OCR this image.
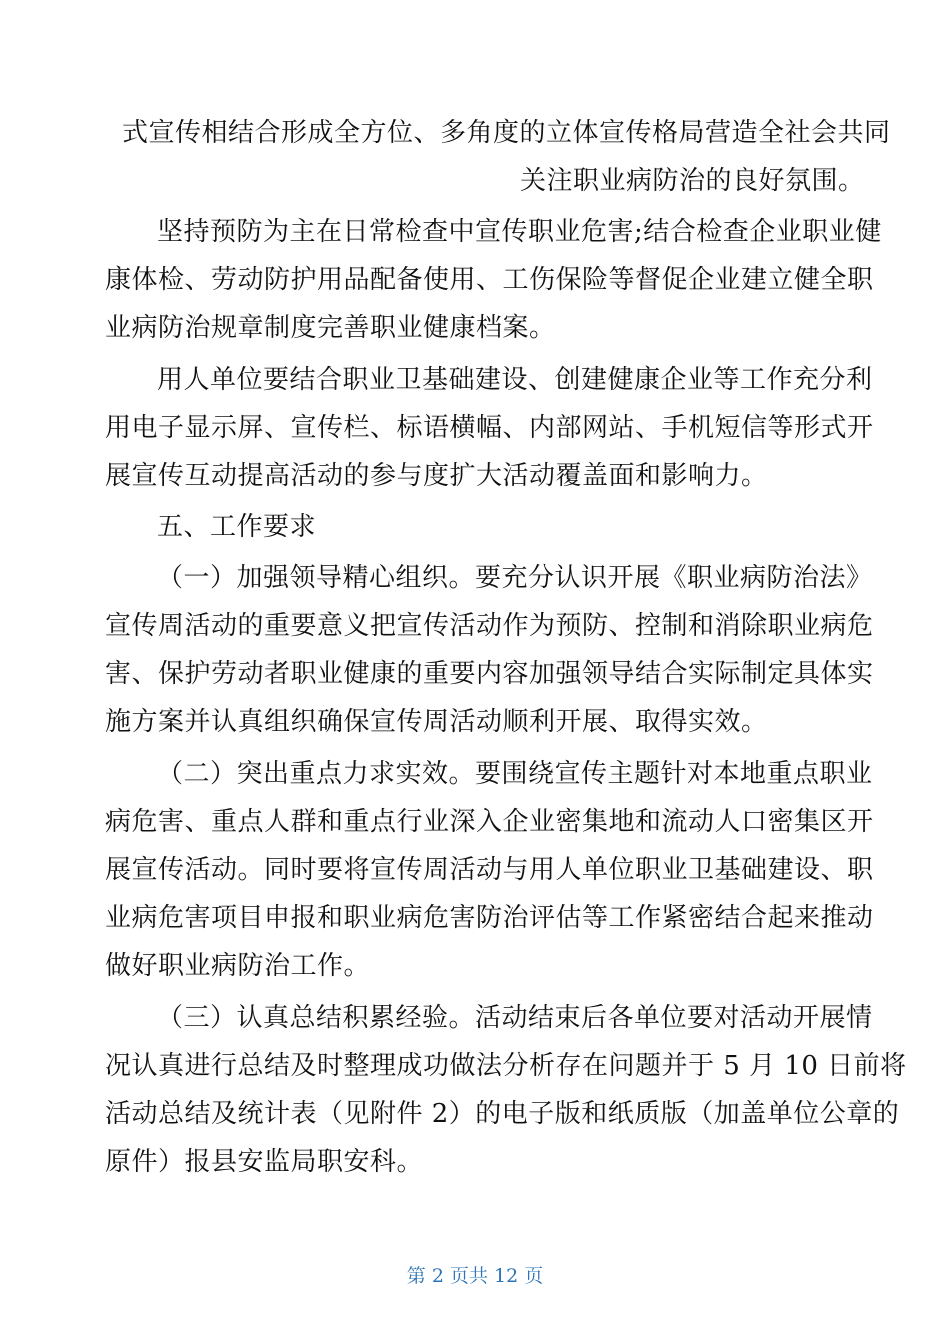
式宣传相结合形成全方位、多角度的立体宣传格局营造全社会共同
关注职业病防治的良好氛围。
坚持预防为主在日常检查中宣传职业危害;结合检查企业职业健
康体检、劳动防护用品配备使用、工伤保险等督促企业建立健全职
业病防治规章制度完善职业健康档案。
用人单位要结合职业卫基础建设、创建健康企业等工作充分利
用电子显示屏、宣传栏、标语横幅、内部网站、手机短信等形式开
展宣传互动提高活动的参与度扩大活动覆盖面和影响力。
五、工作要求
（一）加强领导精心组织。要充分认识开展《职业病防治法》
宣传周活动的重要意义把宣传活动作为预防、控制和消除职业病危
害、保护劳动者职业健康的重要内容加强领导结合实际制定具体实
施方案并认真组织确保宣传周活动顺利开展、取得实效。
（二）突出重点力求实效。要围绕宣传主题针对本地重点职业
病危害、重点人群和重点行业深入企业密集地和流动人口密集区开
展宣传活动。同时要将宣传周活动与用人单位职业卫基础建设、职
业病危害项目申报和职业病危害防治评估等工作紧密结合起来推动
做好职业病防治工作。
（三）认真总结积累经验。活动结束后各单位要对活动开展情
况认真进行总结及时整理成功做法分析存在问题并于 5 月 10 日前将
活动总结及统计表（见附件 2）的电子版和纸质版（加盖单位公章的
原件）报县安监局职安科。
第 2 页共 12 页
